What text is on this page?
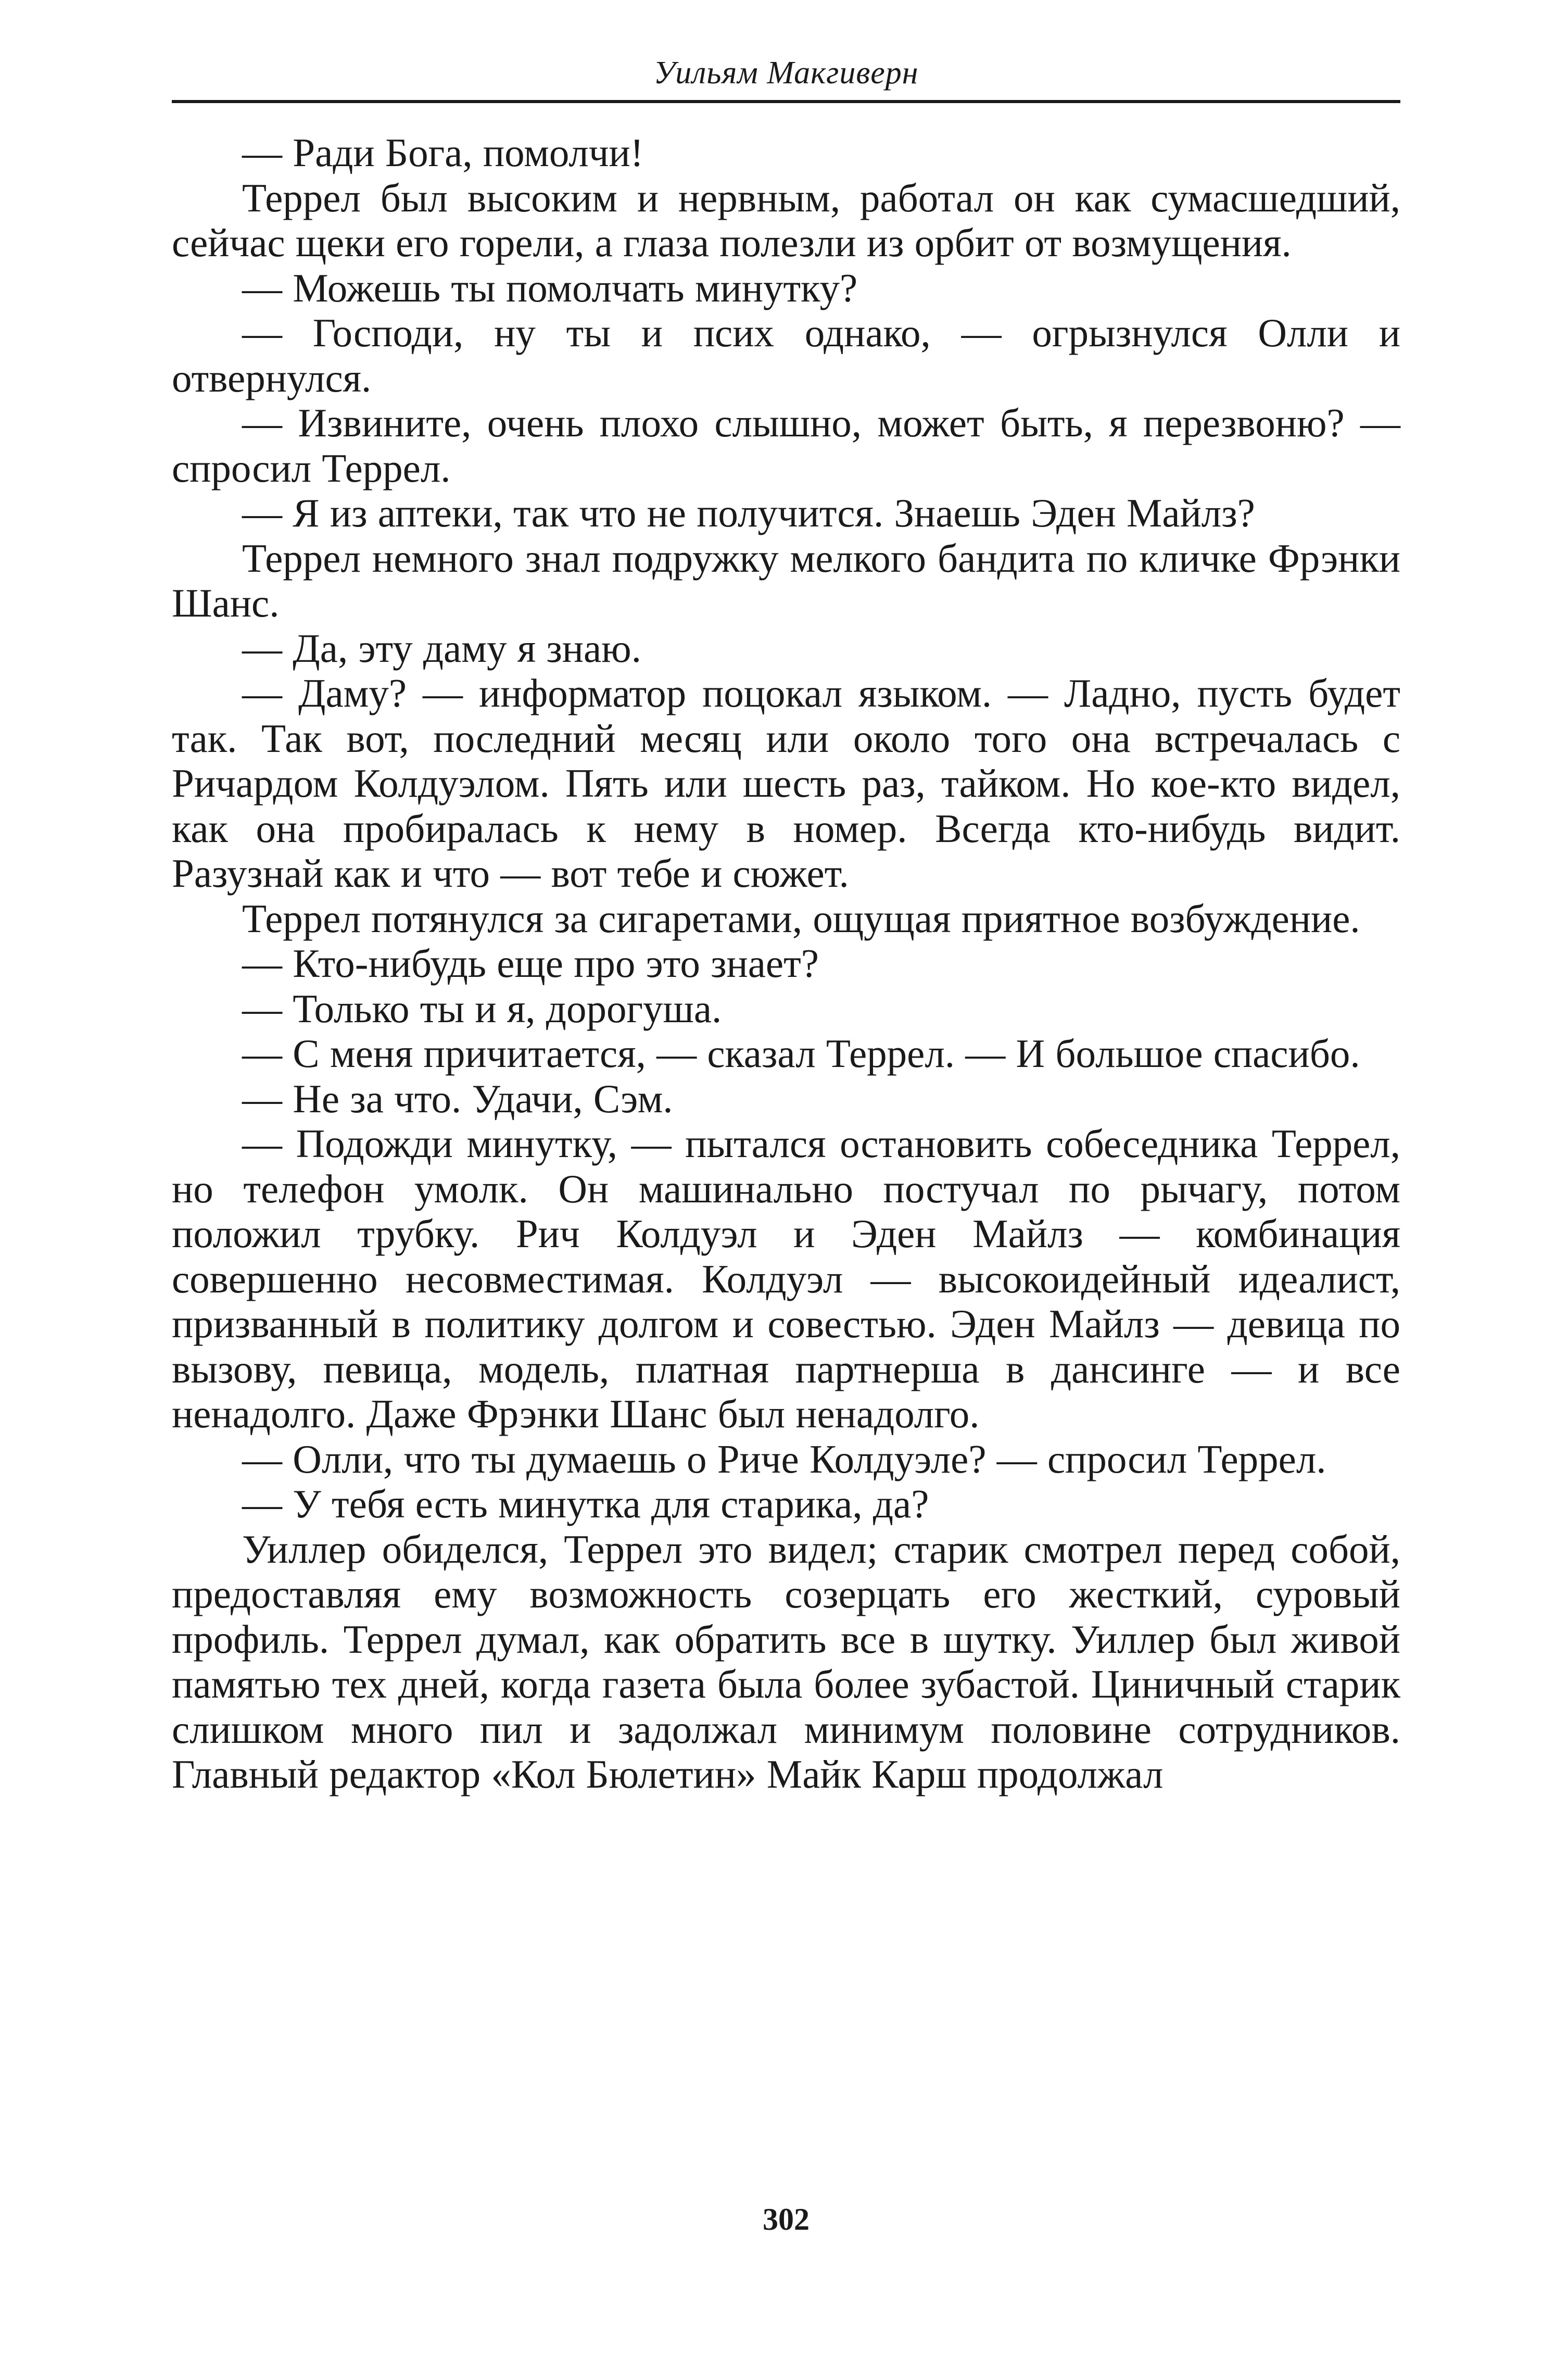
Уильям Макгиверн

— Ради Бога, помолчи!

Террел был высоким и нервным, работал он как сумасшедший, сейчас щеки его горели, а глаза полезли из орбит от возмущения.

— Можешь ты помолчать минутку?

— Господи, ну ты и псих однако, — огрызнулся Олли и отвернулся.

— Извините, очень плохо слышно, может быть, я перезвоню? — спросил Террел.

— Я из аптеки, так что не получится. Знаешь Эден Майлз?

Террел немного знал подружку мелкого бандита по кличке Фрэнки Шанс.

— Да, эту даму я знаю.

— Даму? — информатор поцокал языком. — Ладно, пусть будет так. Так вот, последний месяц или около того она встречалась с Ричардом Колдуэлом. Пять или шесть раз, тайком. Но кое-кто видел, как она пробиралась к нему в номер. Всегда кто-нибудь видит. Разузнай как и что — вот тебе и сюжет.

Террел потянулся за сигаретами, ощущая приятное возбуждение.

— Кто-нибудь еще про это знает?

— Только ты и я, дорогуша.

— С меня причитается, — сказал Террел. — И большое спасибо.

— Не за что. Удачи, Сэм.

— Подожди минутку, — пытался остановить собеседника Террел, но телефон умолк. Он машинально постучал по рычагу, потом положил трубку. Рич Колдуэл и Эден Майлз — комбинация совершенно несовместимая. Колдуэл — высокоидейный идеалист, призванный в политику долгом и совестью. Эден Майлз — девица по вызову, певица, модель, платная партнерша в дансинге — и все ненадолго. Даже Фрэнки Шанс был ненадолго.

— Олли, что ты думаешь о Риче Колдуэле? — спросил Террел.

— У тебя есть минутка для старика, да?

Уиллер обиделся, Террел это видел; старик смотрел перед собой, предоставляя ему возможность созерцать его жесткий, суровый профиль. Террел думал, как обратить все в шутку. Уиллер был живой памятью тех дней, когда газета была более зубастой. Циничный старик слишком много пил и задолжал минимум половине сотрудников. Главный редактор «Кол Бюлетин» Майк Карш продолжал

302
